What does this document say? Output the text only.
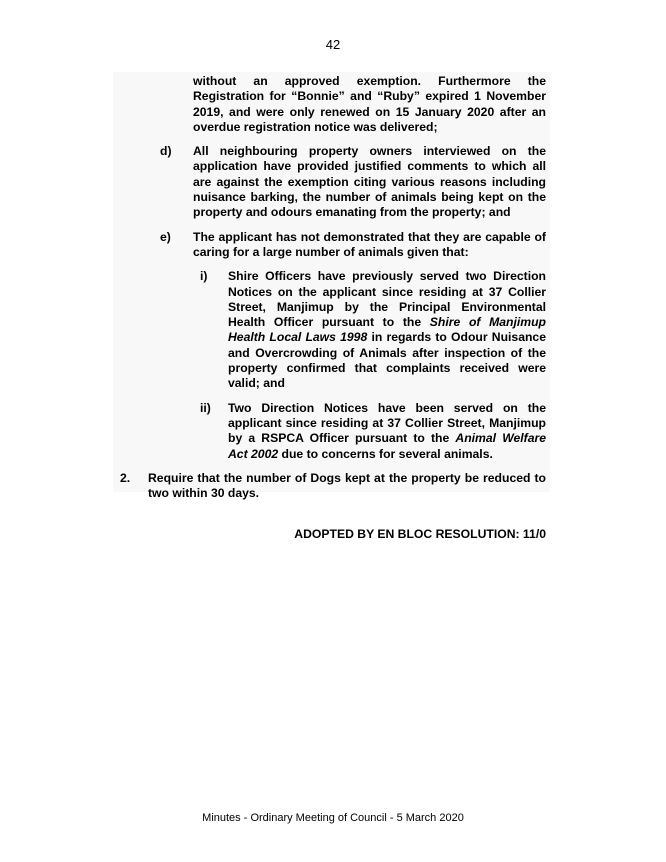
42
without an approved exemption. Furthermore the Registration for “Bonnie” and “Ruby” expired 1 November 2019, and were only renewed on 15 January 2020 after an overdue registration notice was delivered;
d) All neighbouring property owners interviewed on the application have provided justified comments to which all are against the exemption citing various reasons including nuisance barking, the number of animals being kept on the property and odours emanating from the property; and
e) The applicant has not demonstrated that they are capable of caring for a large number of animals given that:
i) Shire Officers have previously served two Direction Notices on the applicant since residing at 37 Collier Street, Manjimup by the Principal Environmental Health Officer pursuant to the Shire of Manjimup Health Local Laws 1998 in regards to Odour Nuisance and Overcrowding of Animals after inspection of the property confirmed that complaints received were valid; and
ii) Two Direction Notices have been served on the applicant since residing at 37 Collier Street, Manjimup by a RSPCA Officer pursuant to the Animal Welfare Act 2002 due to concerns for several animals.
2. Require that the number of Dogs kept at the property be reduced to two within 30 days.
ADOPTED BY EN BLOC RESOLUTION: 11/0
Minutes - Ordinary Meeting of Council - 5 March 2020
